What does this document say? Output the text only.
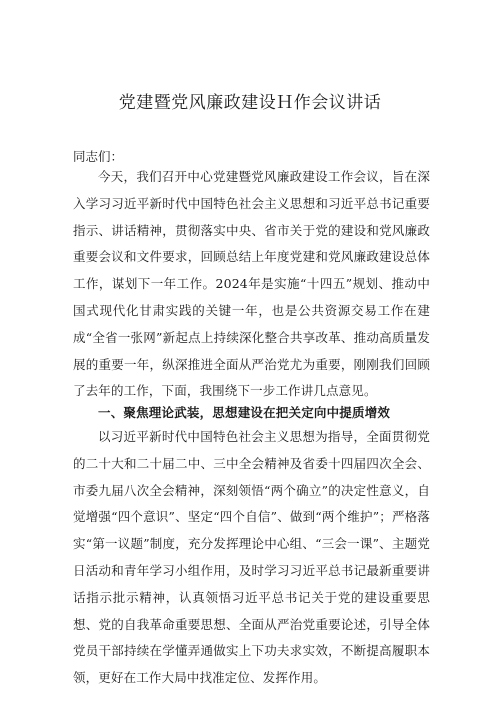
党建暨党风廉政建设Ｈ作会议讲话

同志们：

今天，我们召开中心党建暨党风廉政建设工作会议，旨在深入学习习近平新时代中国特色社会主义思想和习近平总书记重要指示、讲话精神，贯彻落实中央、省市关于党的建设和党风廉政重要会议和文件要求，回顾总结上年度党建和党风廉政建设总体工作，谋划下一年工作。2024年是实施“十四五”规划、推动中国式现代化甘肃实践的关键一年，也是公共资源交易工作在建成“全省一张网”新起点上持续深化整合共享改革、推动高质量发展的重要一年，纵深推进全面从严治党尤为重要，刚刚我们回顾了去年的工作，下面，我围绕下一步工作讲几点意见。

一、聚焦理论武装，思想建设在把关定向中提质增效

以习近平新时代中国特色社会主义思想为指导，全面贯彻党的二十大和二十届二中、三中全会精神及省委十四届四次全会、市委九届八次全会精神，深刻领悟“两个确立”的决定性意义，自觉增强“四个意识”、坚定“四个自信”、做到“两个维护”；严格落实“第一议题”制度，充分发挥理论中心组、“三会一课”、主题党日活动和青年学习小组作用，及时学习习近平总书记最新重要讲话指示批示精神，认真领悟习近平总书记关于党的建设重要思想、党的自我革命重要思想、全面从严治党重要论述，引导全体党员干部持续在学懂弄通做实上下功夫求实效，不断提高履职本领，更好在工作大局中找准定位、发挥作用。
